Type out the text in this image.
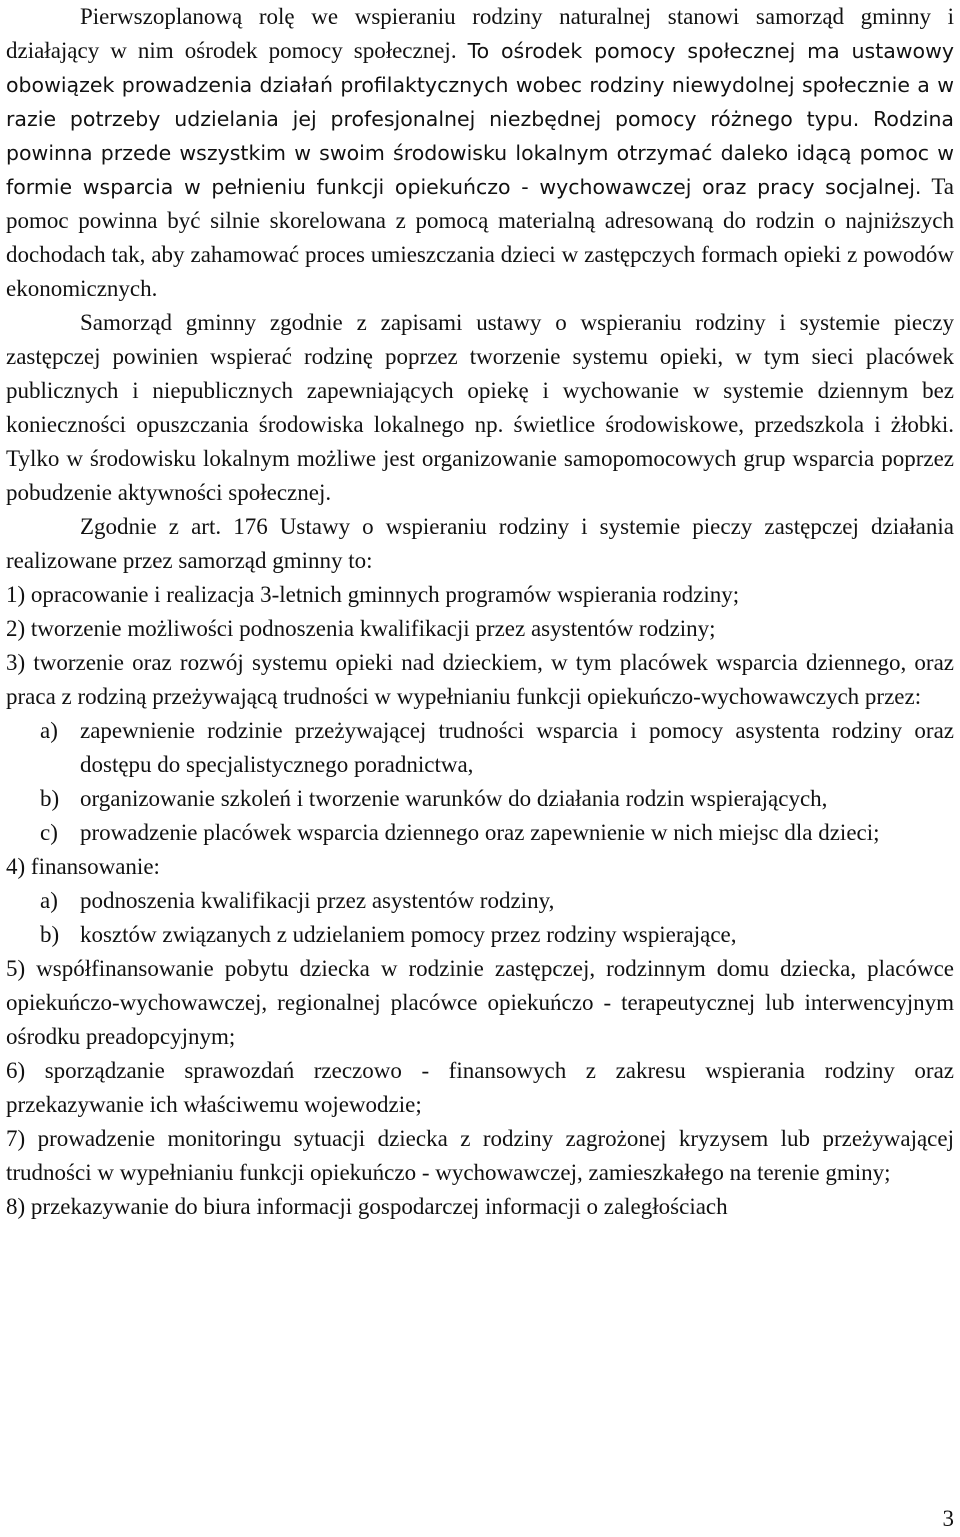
Pierwszoplanową rolę we wspieraniu rodziny naturalnej stanowi samorząd gminny i działający w nim ośrodek pomocy społecznej. To ośrodek pomocy społecznej ma ustawowy obowiązek prowadzenia działań profilaktycznych wobec rodziny niewydolnej społecznie a w razie potrzeby udzielania jej profesjonalnej niezbędnej pomocy różnego typu. Rodzina powinna przede wszystkim w swoim środowisku lokalnym otrzymać daleko idącą pomoc w formie wsparcia w pełnieniu funkcji opiekuńczo - wychowawczej oraz pracy socjalnej. Ta pomoc powinna być silnie skorelowana z pomocą materialną adresowaną do rodzin o najniższych dochodach tak, aby zahamować proces umieszczania dzieci w zastępczych formach opieki z powodów ekonomicznych.

Samorząd gminny zgodnie z zapisami ustawy o wspieraniu rodziny i systemie pieczy zastępczej powinien wspierać rodzinę poprzez tworzenie systemu opieki, w tym sieci placówek publicznych i niepublicznych zapewniających opiekę i wychowanie w systemie dziennym bez konieczności opuszczania środowiska lokalnego np. świetlice środowiskowe, przedszkola i żłobki. Tylko w środowisku lokalnym możliwe jest organizowanie samopomocowych grup wsparcia poprzez pobudzenie aktywności społecznej.

Zgodnie z art. 176 Ustawy o wspieraniu rodziny i systemie pieczy zastępczej działania realizowane przez samorząd gminny to:

1) opracowanie i realizacja 3-letnich gminnych programów wspierania rodziny;

2) tworzenie możliwości podnoszenia kwalifikacji przez asystentów rodziny;

3) tworzenie oraz rozwój systemu opieki nad dzieckiem, w tym placówek wsparcia dziennego, oraz praca z rodziną przeżywającą trudności w wypełnianiu funkcji opiekuńczo-wychowawczych przez:

a) zapewnienie rodzinie przeżywającej trudności wsparcia i pomocy asystenta rodziny oraz dostępu do specjalistycznego poradnictwa,

b) organizowanie szkoleń i tworzenie warunków do działania rodzin wspierających,

c) prowadzenie placówek wsparcia dziennego oraz zapewnienie w nich miejsc dla dzieci;

4) finansowanie:

a) podnoszenia kwalifikacji przez asystentów rodziny,

b) kosztów związanych z udzielaniem pomocy przez rodziny wspierające,

5) współfinansowanie pobytu dziecka w rodzinie zastępczej, rodzinnym domu dziecka, placówce opiekuńczo-wychowawczej, regionalnej placówce opiekuńczo - terapeutycznej lub interwencyjnym ośrodku preadopcyjnym;

6) sporządzanie sprawozdań rzeczowo - finansowych z zakresu wspierania rodziny oraz przekazywanie ich właściwemu wojewodzie;

7) prowadzenie monitoringu sytuacji dziecka z rodziny zagrożonej kryzysem lub przeżywającej trudności w wypełnianiu funkcji opiekuńczo - wychowawczej, zamieszkałego na terenie gminy;

8) przekazywanie do biura informacji gospodarczej informacji o zaległościach

3
